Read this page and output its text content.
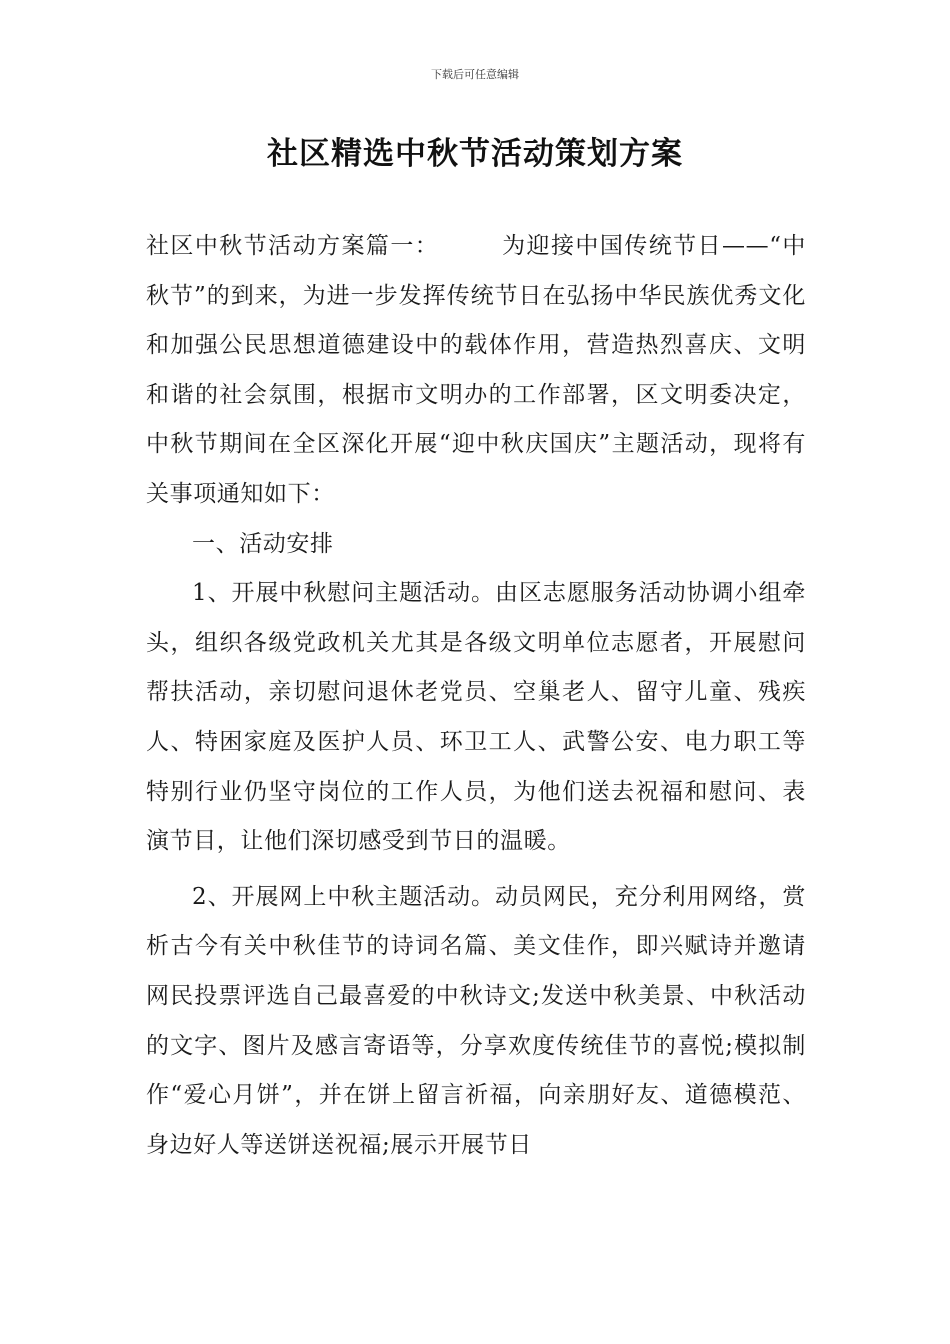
下载后可任意编辑
社区精选中秋节活动策划方案

社区中秋节活动方案篇一：	为迎接中国传统节日——“中秋节”的到来，为进一步发挥传统节日在弘扬中华民族优秀文化和加强公民思想道德建设中的载体作用，营造热烈喜庆、文明和谐的社会氛围，根据市文明办的工作部署，区文明委决定，中秋节期间在全区深化开展“迎中秋庆国庆”主题活动，现将有关事项通知如下：

一、活动安排

1、开展中秋慰问主题活动。由区志愿服务活动协调小组牵头，组织各级党政机关尤其是各级文明单位志愿者，开展慰问帮扶活动，亲切慰问退休老党员、空巢老人、留守儿童、残疾人、特困家庭及医护人员、环卫工人、武警公安、电力职工等特别行业仍坚守岗位的工作人员，为他们送去祝福和慰问、表演节目，让他们深切感受到节日的温暖。

2、开展网上中秋主题活动。动员网民，充分利用网络，赏析古今有关中秋佳节的诗词名篇、美文佳作，即兴赋诗并邀请网民投票评选自己最喜爱的中秋诗文;发送中秋美景、中秋活动的文字、图片及感言寄语等，分享欢度传统佳节的喜悦;模拟制作“爱心月饼”，并在饼上留言祈福，向亲朋好友、道德模范、身边好人等送饼送祝福;展示开展节日
